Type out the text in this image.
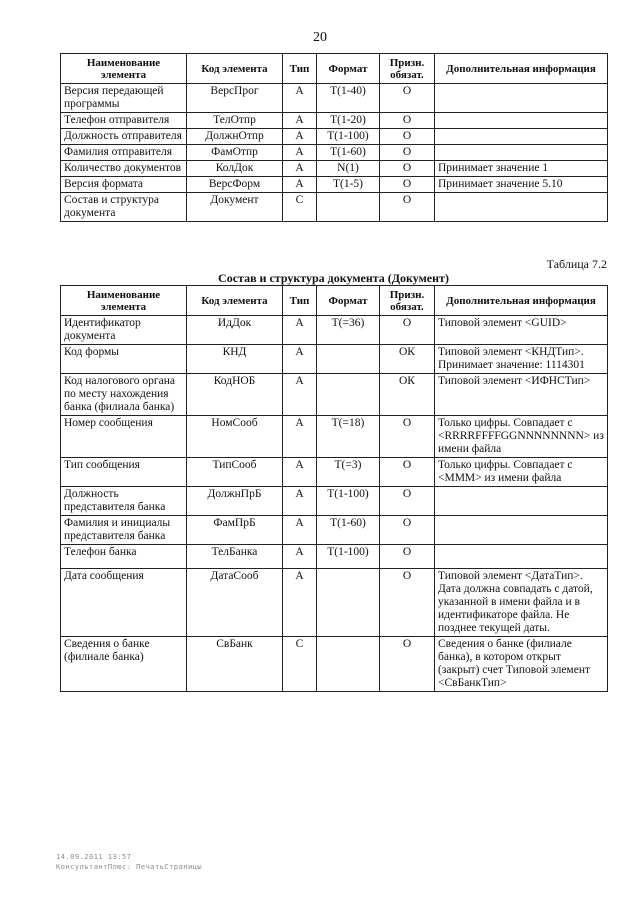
20
Наименование элемента	Код элемента	Тип	Формат	Призн. обязат.	Дополнительная информация
Версия передающей программы	ВерсПрог	А	Т(1-40)	О	
Телефон отправителя	ТелОтпр	А	Т(1-20)	О	
Должность отправителя	ДолжнОтпр	А	Т(1-100)	О	
Фамилия отправителя	ФамОтпр	А	Т(1-60)	О	
Количество документов	КолДок	А	N(1)	О	Принимает значение 1
Версия формата	ВерсФорм	А	Т(1-5)	О	Принимает значение 5.10
Состав и структура документа	Документ	С		О	
Таблица 7.2
Состав и структура документа (Документ)
Наименование элемента	Код элемента	Тип	Формат	Призн. обязат.	Дополнительная информация
Идентификатор документа	ИдДок	А	Т(=36)	О	Типовой элемент <GUID>
Код формы	КНД	А		ОК	Типовой элемент <КНДТип>. Принимает значение: 1114301
Код налогового органа по месту нахождения банка (филиала банка)	КодНОБ	А		ОК	Типовой элемент <ИФНСТип>
Номер сообщения	НомСооб	А	Т(=18)	О	Только цифры. Совпадает с <RRRRFFFFGGNNNNNNNN> из имени файла
Тип сообщения	ТипСооб	А	Т(=3)	О	Только цифры. Совпадает с <MMM> из имени файла
Должность представителя банка	ДолжнПрБ	А	Т(1-100)	О	
Фамилия и инициалы представителя банка	ФамПрБ	А	Т(1-60)	О	
Телефон банка	ТелБанка	А	Т(1-100)	О	
Дата сообщения	ДатаСооб	А		О	Типовой элемент <ДатаТип>. Дата должна совпадать с датой, указанной в имени файла и в идентификаторе файла. Не позднее текущей даты.
Сведения о банке (филиале банка)	СвБанк	С		О	Сведения о банке (филиале банка), в котором открыт (закрыт) счет Типовой элемент <СвБанкТип>
14.09.2011 13:57
КонсультантПлюс: ПечатьСтраницы
